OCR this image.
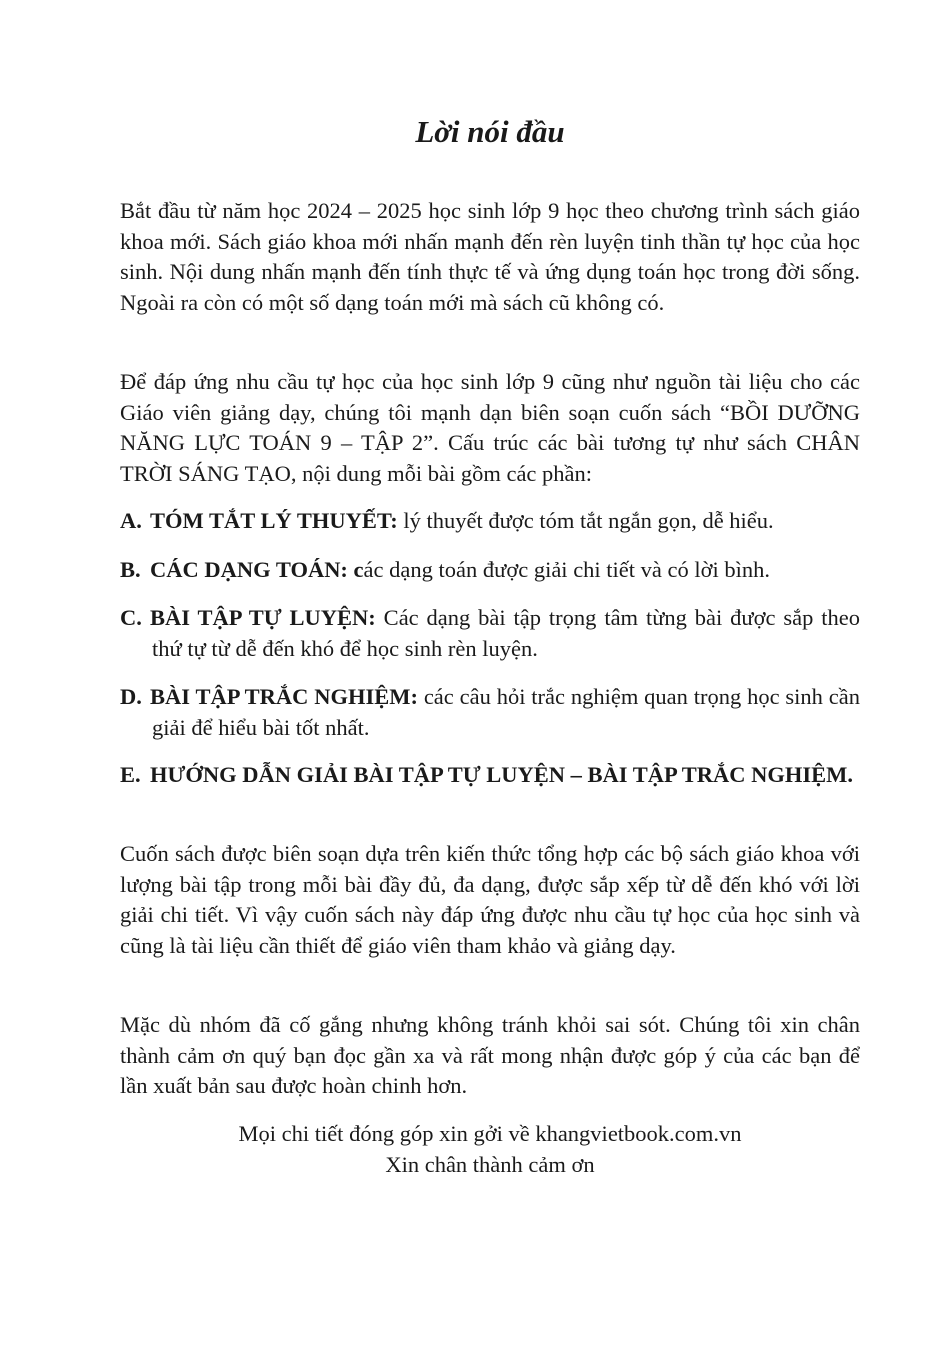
Lời nói đầu

Bắt đầu từ năm học 2024 – 2025 học sinh lớp 9 học theo chương trình sách giáo khoa mới. Sách giáo khoa mới nhấn mạnh đến rèn luyện tinh thần tự học của học sinh. Nội dung nhấn mạnh đến tính thực tế và ứng dụng toán học trong đời sống. Ngoài ra còn có một số dạng toán mới mà sách cũ không có.

Để đáp ứng nhu cầu tự học của học sinh lớp 9 cũng như nguồn tài liệu cho các Giáo viên giảng dạy, chúng tôi mạnh dạn biên soạn cuốn sách “BỒI DƯỠNG NĂNG LỰC TOÁN 9 – TẬP 2”. Cấu trúc các bài tương tự như sách CHÂN TRỜI SÁNG TẠO, nội dung mỗi bài gồm các phần:

A. TÓM TẮT LÝ THUYẾT: lý thuyết được tóm tắt ngắn gọn, dễ hiểu.

B. CÁC DẠNG TOÁN: các dạng toán được giải chi tiết và có lời bình.

C. BÀI TẬP TỰ LUYỆN: Các dạng bài tập trọng tâm từng bài được sắp theo thứ tự từ dễ đến khó để học sinh rèn luyện.

D. BÀI TẬP TRẮC NGHIỆM: các câu hỏi trắc nghiệm quan trọng học sinh cần giải để hiểu bài tốt nhất.

E. HƯỚNG DẪN GIẢI BÀI TẬP TỰ LUYỆN – BÀI TẬP TRẮC NGHIỆM.

Cuốn sách được biên soạn dựa trên kiến thức tổng hợp các bộ sách giáo khoa với lượng bài tập trong mỗi bài đầy đủ, đa dạng, được sắp xếp từ dễ đến khó với lời giải chi tiết. Vì vậy cuốn sách này đáp ứng được nhu cầu tự học của học sinh và cũng là tài liệu cần thiết để giáo viên tham khảo và giảng dạy.

Mặc dù nhóm đã cố gắng nhưng không tránh khỏi sai sót. Chúng tôi xin chân thành cảm ơn quý bạn đọc gần xa và rất mong nhận được góp ý của các bạn để lần xuất bản sau được hoàn chinh hơn.

Mọi chi tiết đóng góp xin gởi về khangvietbook.com.vn

Xin chân thành cảm ơn
